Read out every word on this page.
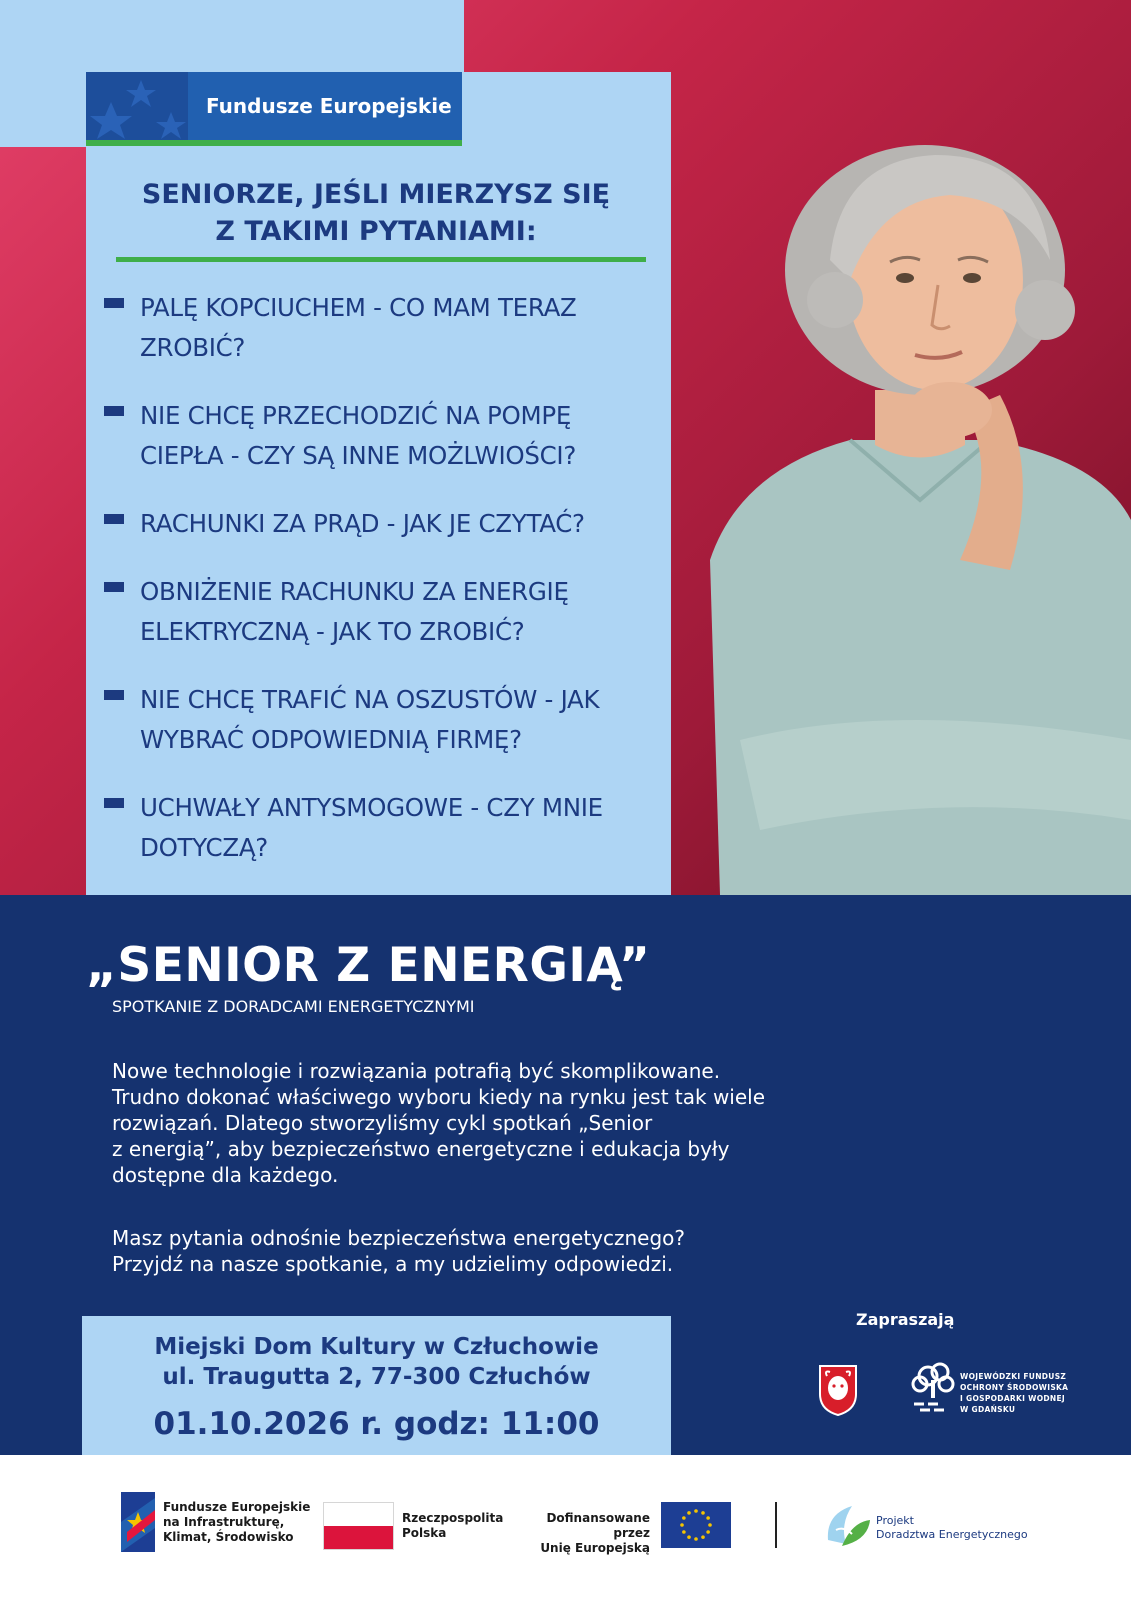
Fundusze Europejskie
SENIORZE, JEŚLI MIERZYSZ SIĘ
Z TAKIMI PYTANIAMI:
PALĘ KOPCIUCHEM - CO MAM TERAZ
ZROBIĆ?
NIE CHCĘ PRZECHODZIĆ NA POMPĘ
CIEPŁA - CZY SĄ INNE MOŻLWIOŚCI?
RACHUNKI ZA PRĄD - JAK JE CZYTAĆ?
OBNIŻENIE RACHUNKU ZA ENERGIĘ
ELEKTRYCZNĄ - JAK TO ZROBIĆ?
NIE CHCĘ TRAFIĆ NA OSZUSTÓW - JAK
WYBRAĆ ODPOWIEDNIĄ FIRMĘ?
UCHWAŁY ANTYSMOGOWE - CZY MNIE
DOTYCZĄ?
„SENIOR Z ENERGIĄ”
SPOTKANIE Z DORADCAMI ENERGETYCZNYMI
Nowe technologie i rozwiązania potrafią być skomplikowane.
Trudno dokonać właściwego wyboru kiedy na rynku jest tak wiele
rozwiązań. Dlatego stworzyliśmy cykl spotkań „Senior
z energią”, aby bezpieczeństwo energetyczne i edukacja były
dostępne dla każdego.
Masz pytania odnośnie bezpieczeństwa energetycznego?
Przyjdź na nasze spotkanie, a my udzielimy odpowiedzi.
Miejski Dom Kultury w Człuchowie
ul. Traugutta 2, 77-300 Człuchów
01.10.2026 r. godz: 11:00
Zapraszają
WOJEWÓDZKI FUNDUSZ
OCHRONY ŚRODOWISKA
I GOSPODARKI WODNEJ
W GDAŃSKU
Fundusze Europejskie
na Infrastrukturę,
Klimat, Środowisko
Rzeczpospolita
Polska
Dofinansowane przez
Unię Europejską
Projekt
Doradztwa Energetycznego
